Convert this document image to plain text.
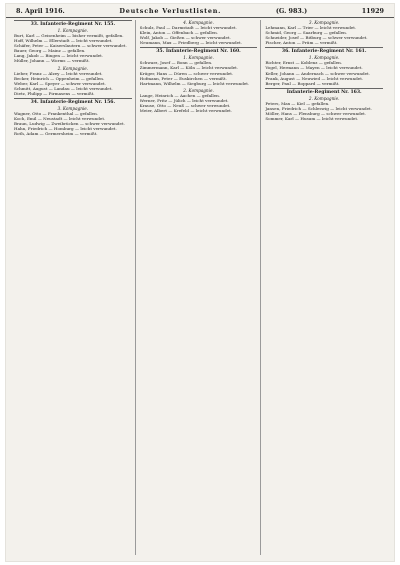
8. April 1916.	Deutsche Verlustlisten.	(G. 983.)	11929
33. Infanterie-Regiment Nr. 155.
1. Kompagnie.
Burt, Karl — Geisenheim — bisher vermißt, gefallen.
Hoff, Wilhelm — Ellerstadt — leicht verwundet.
Schäfer, Peter — Kaiserslautern — schwer verwundet.
Bauer, Georg — Mainz — gefallen.
Lang, Jakob — Bingen — leicht verwundet.
Müller, Johann — Worms — vermißt.
2. Kompagnie.
Lieber, Franz — Alzey — leicht verwundet.
Becker, Heinrich — Oppenheim — gefallen.
Weber, Karl — Speyer — schwer verwundet.
Schmitt, August — Landau — leicht verwundet.
Dietz, Philipp — Pirmasens — vermißt.
34. Infanterie-Regiment Nr. 156.
3. Kompagnie.
Wagner, Otto — Frankenthal — gefallen.
Koch, Emil — Neustadt — leicht verwundet.
Braun, Ludwig — Zweibrücken — schwer verwundet.
Hahn, Friedrich — Homburg — leicht verwundet.
Roth, Adam — Germersheim — vermißt.
4. Kompagnie.
Schulz, Paul — Darmstadt — leicht verwundet.
Klein, Anton — Offenbach — gefallen.
Wolf, Jakob — Gießen — schwer verwundet.
Neumann, Max — Friedberg — leicht verwundet.
35. Infanterie-Regiment Nr. 160.
1. Kompagnie.
Schwarz, Josef — Bonn — gefallen.
Zimmermann, Karl — Köln — leicht verwundet.
Krüger, Hans — Düren — schwer verwundet.
Hofmann, Peter — Euskirchen — vermißt.
Hartmann, Wilhelm — Siegburg — leicht verwundet.
2. Kompagnie.
Lange, Heinrich — Aachen — gefallen.
Werner, Fritz — Jülich — leicht verwundet.
Krause, Otto — Neuß — schwer verwundet.
Meier, Albert — Krefeld — leicht verwundet.
3. Kompagnie.
Lehmann, Karl — Trier — leicht verwundet.
Schmid, Georg — Saarburg — gefallen.
Schneider, Josef — Bitburg — schwer verwundet.
Fischer, Anton — Prüm — vermißt.
36. Infanterie-Regiment Nr. 161.
1. Kompagnie.
Richter, Ernst — Koblenz — gefallen.
Vogel, Hermann — Mayen — leicht verwundet.
Keller, Johann — Andernach — schwer verwundet.
Frank, August — Neuwied — leicht verwundet.
Berger, Paul — Boppard — vermißt.
Infanterie-Regiment Nr. 163.
2. Kompagnie.
Peters, Max — Kiel — gefallen.
Jansen, Friedrich — Schleswig — leicht verwundet.
Möller, Hans — Flensburg — schwer verwundet.
Sommer, Karl — Husum — leicht verwundet.
